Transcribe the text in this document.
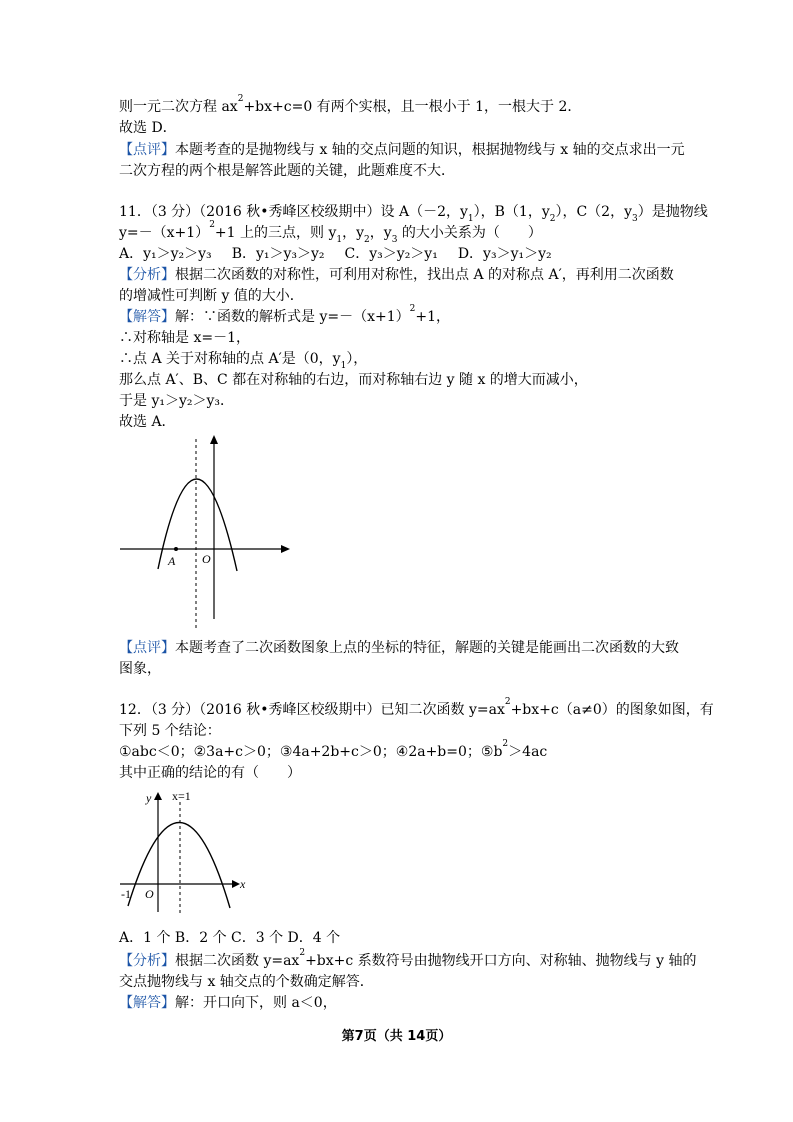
则一元二次方程 $ax^2+bx+c=0$ 有两个实根，且一根小于 1，一根大于 2．
故选 D．
【点评】本题考查的是抛物线与 x 轴的交点问题的知识，根据抛物线与 x 轴的交点求出一元
二次方程的两个根是解答此题的关键，此题难度不大．
11．（3 分）（2016 秋•秀峰区校级期中）设 A（－2，$y_1$），B（1，$y_2$），C（2，$y_3$）是抛物线
$y=-(x+1)^2+1$ 上的三点，则 $y_1$，$y_2$，$y_3$ 的大小关系为（　　）
A．y₁＞y₂＞y₃ B．y₁＞y₃＞y₂ C．y₃＞y₂＞y₁ D．y₃＞y₁＞y₂
【分析】根据二次函数的对称性，可利用对称性，找出点 A 的对称点 A′，再利用二次函数
的增减性可判断 y 值的大小．
【解答】解：∵函数的解析式是 $y=-(x+1)^2+1$，
∴对称轴是 x=－1，
∴点 A 关于对称轴的点 A′是（0，$y_1$），
那么点 A′、B、C 都在对称轴的右边，而对称轴右边 y 随 x 的增大而减小，
于是 y₁＞y₂＞y₃．
故选 A．
A O
【点评】本题考查了二次函数图象上点的坐标的特征，解题的关键是能画出二次函数的大致
图象，
12．（3 分）（2016 秋•秀峰区校级期中）已知二次函数 $y=ax^2+bx+c(a\ne 0)$的图象如图，有
下列 5 个结论：
①abc＜0；②3a+c＞0；③4a+2b+c＞0；④2a+b=0；$⑤b^2>4ac$
其中正确的结论的有（　　）
y
x
x=1
-1 O
A．1 个 B．2 个 C．3 个 D．4 个
【分析】根据二次函数 $y=ax^2+bx+c$ 系数符号由抛物线开口方向、对称轴、抛物线与 y 轴的
交点抛物线与 x 轴交点的个数确定解答．
【解答】解：开口向下，则 a＜0，
第7页（共 14页）
